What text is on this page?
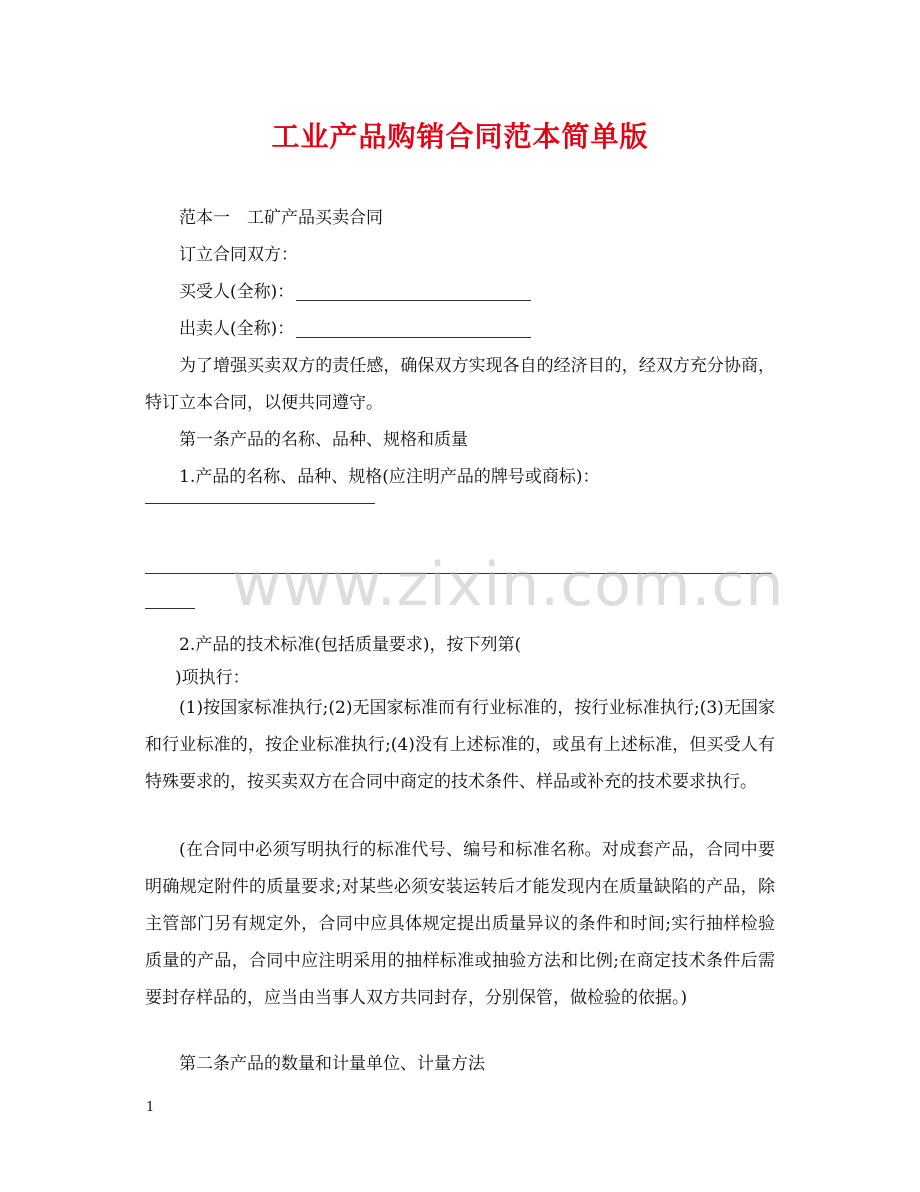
工业产品购销合同范本简单版
范本一　工矿产品买卖合同
订立合同双方：
买受人(全称)：
出卖人(全称)：
为了增强买卖双方的责任感，确保双方实现各自的经济目的，经双方充分协商，特订立本合同，以便共同遵守。
第一条产品的名称、品种、规格和质量
1.产品的名称、品种、规格(应注明产品的牌号或商标)：
2.产品的技术标准(包括质量要求)，按下列第(
)项执行：
(1)按国家标准执行;(2)无国家标准而有行业标准的，按行业标准执行;(3)无国家和行业标准的，按企业标准执行;(4)没有上述标准的，或虽有上述标准，但买受人有特殊要求的，按买卖双方在合同中商定的技术条件、样品或补充的技术要求执行。
(在合同中必须写明执行的标准代号、编号和标准名称。对成套产品，合同中要明确规定附件的质量要求;对某些必须安装运转后才能发现内在质量缺陷的产品，除主管部门另有规定外，合同中应具体规定提出质量异议的条件和时间;实行抽样检验质量的产品，合同中应注明采用的抽样标准或抽验方法和比例;在商定技术条件后需要封存样品的，应当由当事人双方共同封存，分别保管，做检验的依据。)
第二条产品的数量和计量单位、计量方法
www.zixin.com.cn
1
